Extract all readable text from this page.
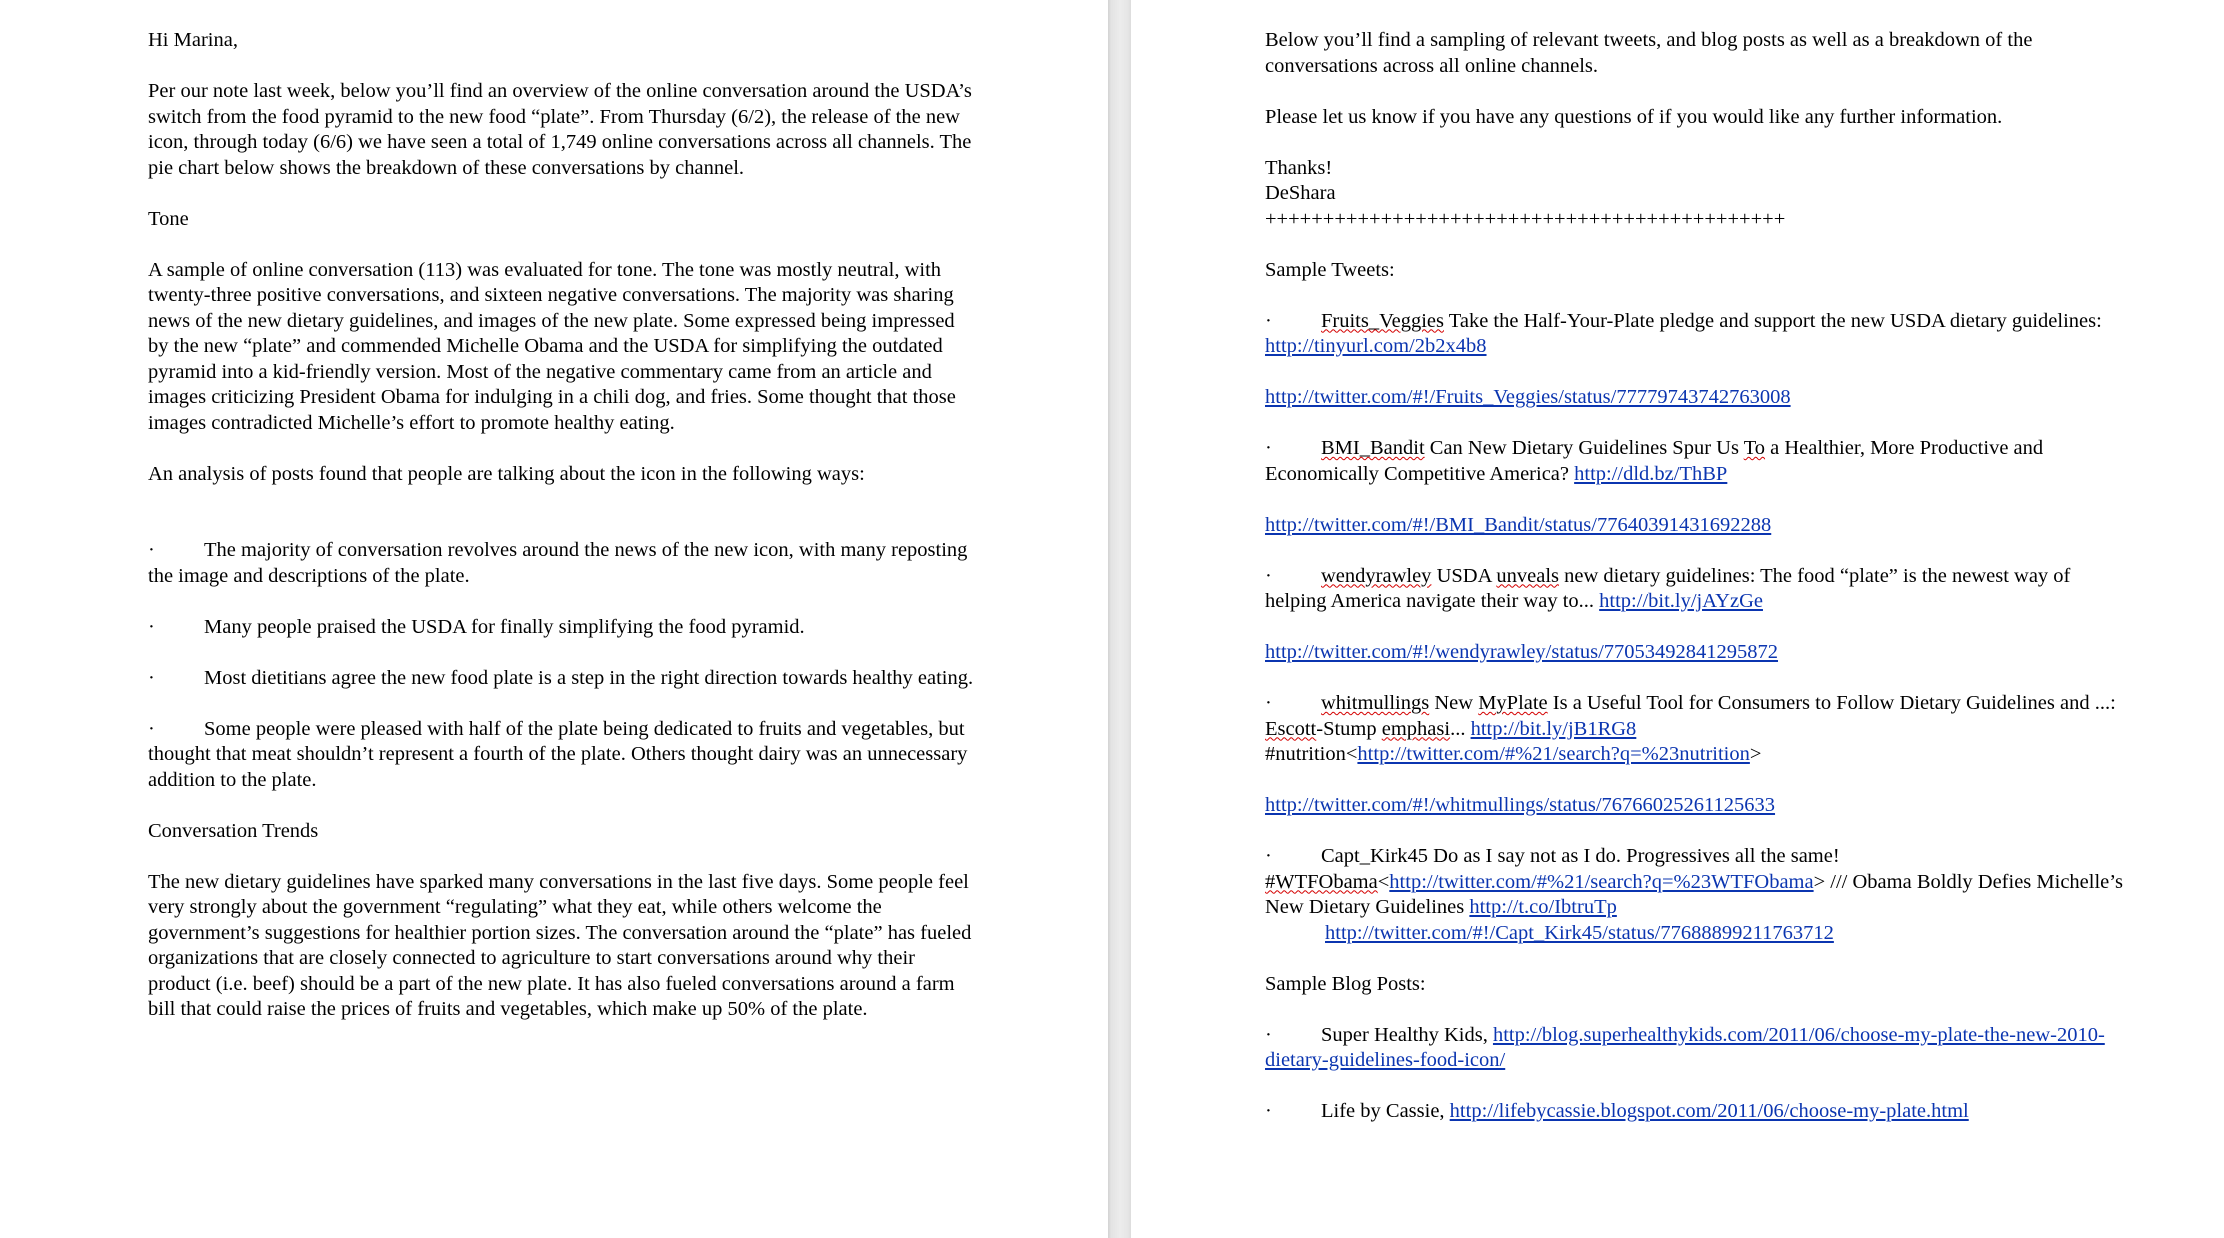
Hi Marina,

Per our note last week, below you’ll find an overview of the online conversation around the USDA’s switch from the food pyramid to the new food “plate”. From Thursday (6/2), the release of the new icon, through today (6/6) we have seen a total of 1,749 online conversations across all channels. The pie chart below shows the breakdown of these conversations by channel.

Tone

A sample of online conversation (113) was evaluated for tone. The tone was mostly neutral, with twenty-three positive conversations, and sixteen negative conversations. The majority was sharing news of the new dietary guidelines, and images of the new plate. Some expressed being impressed by the new “plate” and commended Michelle Obama and the USDA for simplifying the outdated pyramid into a kid-friendly version. Most of the negative commentary came from an article and images criticizing President Obama for indulging in a chili dog, and fries. Some thought that those images contradicted Michelle’s effort to promote healthy eating.

An analysis of posts found that people are talking about the icon in the following ways:

· The majority of conversation revolves around the news of the new icon, with many reposting the image and descriptions of the plate.

· Many people praised the USDA for finally simplifying the food pyramid.

· Most dietitians agree the new food plate is a step in the right direction towards healthy eating.

· Some people were pleased with half of the plate being dedicated to fruits and vegetables, but thought that meat shouldn’t represent a fourth of the plate. Others thought dairy was an unnecessary addition to the plate.

Conversation Trends

The new dietary guidelines have sparked many conversations in the last five days. Some people feel very strongly about the government “regulating” what they eat, while others welcome the government’s suggestions for healthier portion sizes. The conversation around the “plate” has fueled organizations that are closely connected to agriculture to start conversations around why their product (i.e. beef) should be a part of the new plate. It has also fueled conversations around a farm bill that could raise the prices of fruits and vegetables, which make up 50% of the plate.

Below you’ll find a sampling of relevant tweets, and blog posts as well as a breakdown of the conversations across all online channels.

Please let us know if you have any questions of if you would like any further information.

Thanks!
DeShara

+++++++++++++++++++++++++++++++++++++++++++++

Sample Tweets:

· Fruits_Veggies Take the Half-Your-Plate pledge and support the new USDA dietary guidelines: http://tinyurl.com/2b2x4b8

http://twitter.com/#!/Fruits_Veggies/status/77779743742763008

· BMI_Bandit Can New Dietary Guidelines Spur Us To a Healthier, More Productive and Economically Competitive America? http://dld.bz/ThBP

http://twitter.com/#!/BMI_Bandit/status/77640391431692288

· wendyrawley USDA unveals new dietary guidelines: The food “plate” is the newest way of helping America navigate their way to... http://bit.ly/jAYzGe

http://twitter.com/#!/wendyrawley/status/77053492841295872

· whitmullings New MyPlate Is a Useful Tool for Consumers to Follow Dietary Guidelines and ...: Escott-Stump emphasi... http://bit.ly/jB1RG8
#nutrition<http://twitter.com/#%21/search?q=%23nutrition>

http://twitter.com/#!/whitmullings/status/76766025261125633

· Capt_Kirk45 Do as I say not as I do. Progressives all the same!
#WTFObama<http://twitter.com/#%21/search?q=%23WTFObama> /// Obama Boldly Defies Michelle’s New Dietary Guidelines http://t.co/IbtruTp

http://twitter.com/#!/Capt_Kirk45/status/77688899211763712

Sample Blog Posts:

· Super Healthy Kids, http://blog.superhealthykids.com/2011/06/choose-​my-​plate-​the-​new-​2010-​dietary-​guidelines-​food-​icon/

· Life by Cassie, http://lifebycassie.blogspot.com/2011/06/choose-​my-​plate.html
